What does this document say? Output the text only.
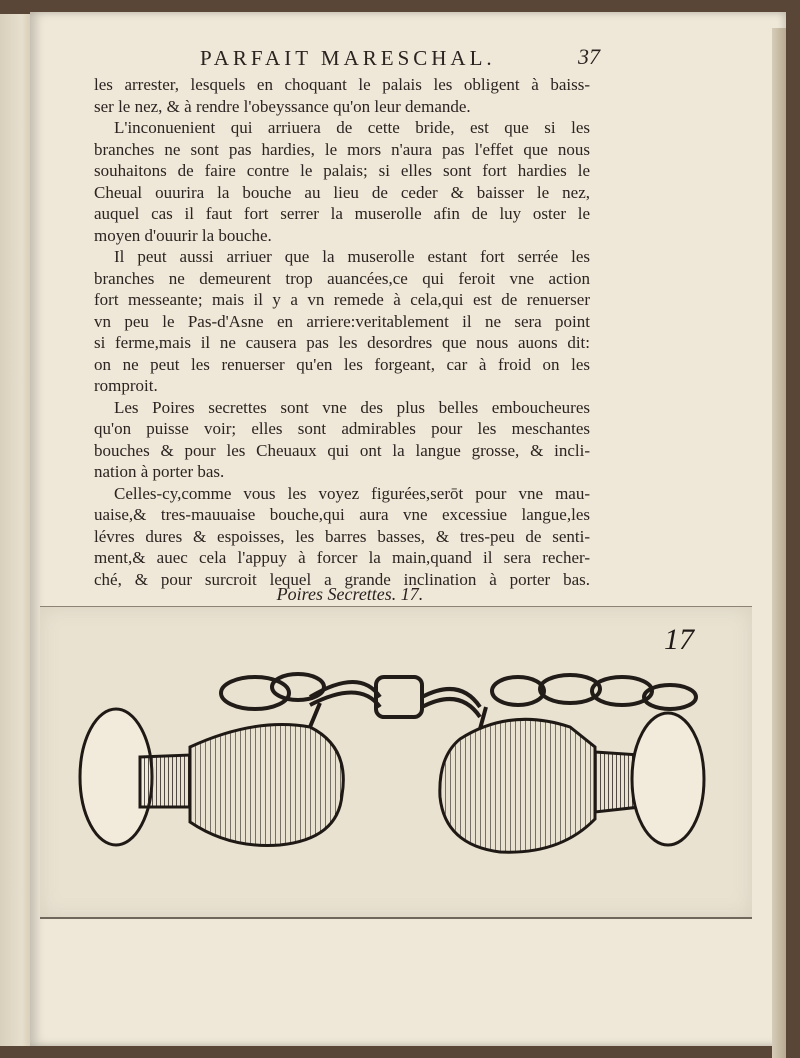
PARFAIT MARESCHAL.	37
les arrester, lesquels en choquant le palais les obligent à baiss-
ser le nez, & à rendre l'obeyssance qu'on leur demande.
L'inconuenient qui arriuera de cette bride, est que si les
branches ne sont pas hardies, le mors n'aura pas l'effet que nous
souhaitons de faire contre le palais; si elles sont fort hardies le
Cheual ouurira la bouche au lieu de ceder & baisser le nez,
auquel cas il faut fort serrer la muserolle afin de luy oster le
moyen d'ouurir la bouche.
Il peut aussi arriuer que la muserolle estant fort serrée les
branches ne demeurent trop auancées,ce qui feroit vne action
fort messeante; mais il y a vn remede à cela,qui est de renuerser
vn peu le Pas-d'Asne en arriere:veritablement il ne sera point
si ferme,mais il ne causera pas les desordres que nous auons dit:
on ne peut les renuerser qu'en les forgeant, car à froid on les
romproit.
Les Poires secrettes sont vne des plus belles emboucheures
qu'on puisse voir; elles sont admirables pour les meschantes
bouches & pour les Cheuaux qui ont la langue grosse, & incli-
nation à porter bas.
Celles-cy,comme vous les voyez figurées,serōt pour vne mau-
uaise,& tres-mauuaise bouche,qui aura vne excessiue langue,les
lévres dures & espoisses, les barres basses, & tres-peu de senti-
ment,& auec cela l'appuy à forcer la main,quand il sera recher-
ché, & pour surcroit lequel a grande inclination à porter bas.
Poires Secrettes. 17.
17
